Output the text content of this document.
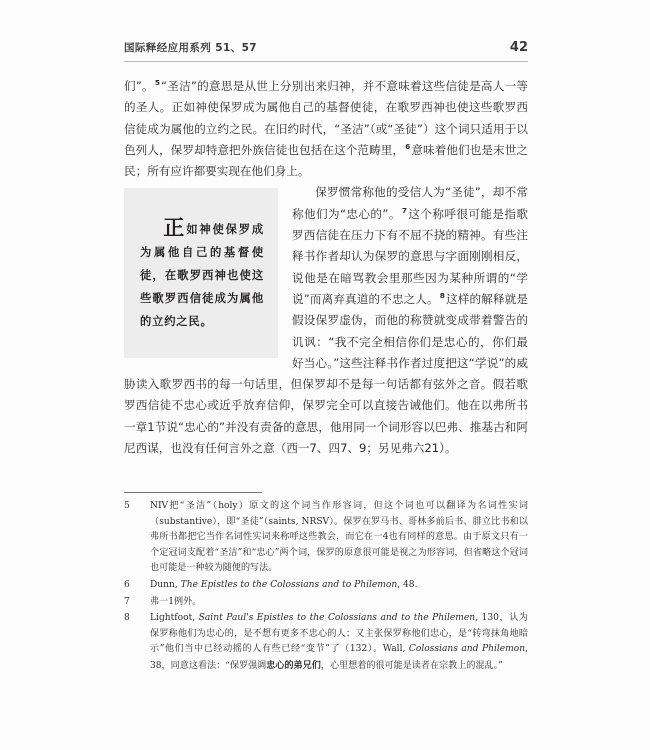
国际释经应用系列 51、57	42

们”。$^5$“圣洁”的意思是从世上分别出来归神，并不意味着这些信徒是高人一等的圣人。正如神使保罗成为属他自己的基督使徒，在歌罗西神也使这些歌罗西信徒成为属他的立约之民。在旧约时代，“圣洁”（或“圣徒”）这个词只适用于以色列人，保罗却特意把外族信徒也包括在这个范畴里，$^6$意味着他们也是末世之民；所有应许都要实现在他们身上。

正如神使保罗成为属他自己的基督使徒，在歌罗西神也使这些歌罗西信徒成为属他的立约之民。
保罗惯常称他的受信人为“圣徒”，却不常称他们为“忠心的”。$^7$这个称呼很可能是指歌罗西信徒在压力下有不屈不挠的精神。有些注释书作者却认为保罗的意思与字面刚刚相反，说他是在暗骂教会里那些因为某种所谓的“学说”而离弃真道的不忠之人。$^8$这样的解释就是假设保罗虚伪，而他的称赞就变成带着警告的讥讽：“我不完全相信你们是忠心的，你们最好当心。”这些注释书作者过度把这“学说”的威胁读入歌罗西书的每一句话里，但保罗却不是每一句话都有弦外之音。假若歌罗西信徒不忠心或近乎放弃信仰，保罗完全可以直接告诫他们。他在以弗所书一章1节说“忠心的”并没有责备的意思，他用同一个词形容以巴弗、推基古和阿尼西谋，也没有任何言外之意（西一7、四7、9；另见弗六21）。

5	NIV把“圣洁”（holy）原文的这个词当作形容词，但这个词也可以翻译为名词性实词（substantive），即“圣徒”（saints, NRSV）。保罗在罗马书、哥林多前后书、腓立比书和以弗所书都把它当作名词性实词来称呼这些教会，而它在一4也有同样的意思。由于原文只有一个定冠词支配着“圣洁”和“忠心”两个词，保罗的原意很可能是视之为形容词，但省略这个冠词也可能是一种较为随便的写法。
6	Dunn, The Epistles to the Colossians and to Philemon, 48.
7	弗一1例外。
8	Lightfoot, Saint Paul's Epistles to the Colossians and to the Philemen, 130，认为保罗称他们为忠心的，是不想有更多不忠心的人；又主张保罗称他们忠心，是“转弯抹角地暗示”他们当中已经动摇的人有些已经“变节”了（132）。Wall, Colossians and Philemon, 38，同意这看法：“保罗强调忠心的弟兄们，心里想着的很可能是读者在宗教上的混乱。”
